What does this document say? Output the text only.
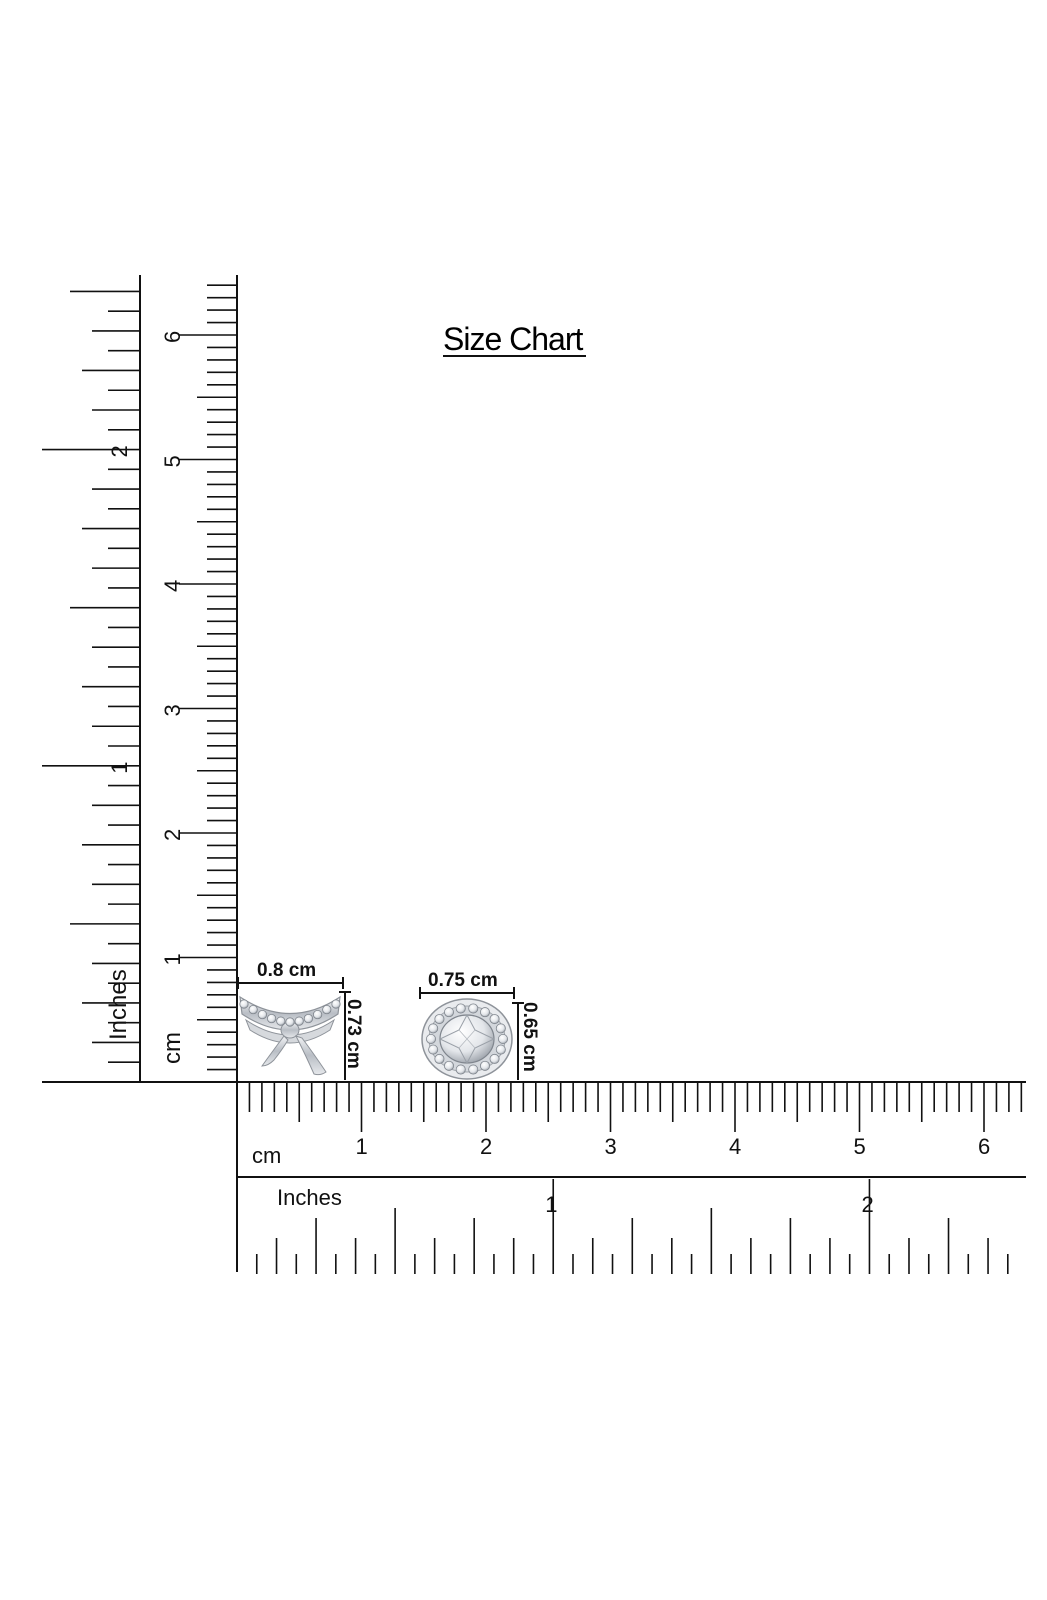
Size Chart
1
2
3
4
5
6
1
2
1	2	3	4	5	6
1	2
cm
Inches
cm
Inches
0.8 cm
0.73 cm
0.75 cm
0.65 cm
